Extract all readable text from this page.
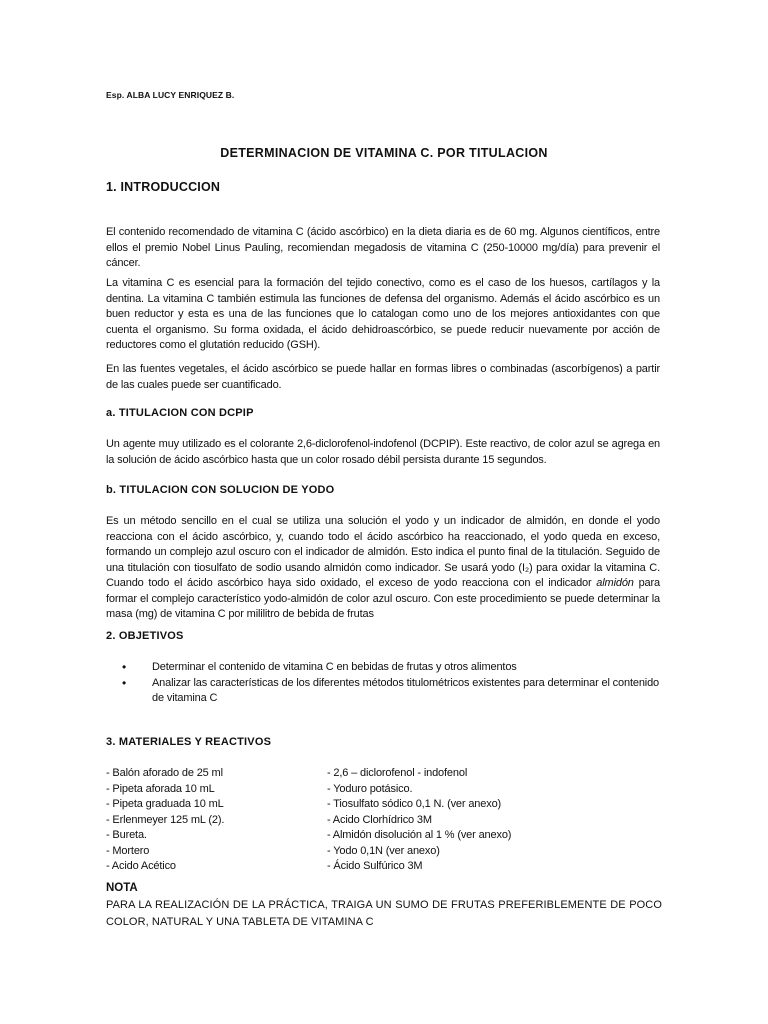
Esp. ALBA LUCY ENRIQUEZ B.
DETERMINACION DE VITAMINA C. POR TITULACION
1. INTRODUCCION

El contenido recomendado de vitamina C (ácido ascórbico) en la dieta diaria es de 60 mg. Algunos científicos, entre ellos el premio Nobel Linus Pauling, recomiendan megadosis de vitamina C (250-10000 mg/día) para prevenir el cáncer.

La vitamina C es esencial para la formación del tejido conectivo, como es el caso de los huesos, cartílagos y la dentina. La vitamina C también estimula las funciones de defensa del organismo. Además el ácido ascórbico es un buen reductor y esta es una de las funciones que lo catalogan como uno de los mejores antioxidantes con que cuenta el organismo. Su forma oxidada, el ácido dehidroascórbico, se puede reducir nuevamente por acción de reductores como el glutatión reducido (GSH).

En las fuentes vegetales, el ácido ascórbico se puede hallar en formas libres o combinadas (ascorbígenos) a partir de las cuales puede ser cuantificado.

a. TITULACION CON DCPIP

Un agente muy utilizado es el colorante 2,6-diclorofenol-indofenol (DCPIP). Este reactivo, de color azul se agrega en la solución de ácido ascórbico hasta que un color rosado débil persista durante 15 segundos.

b. TITULACION CON SOLUCION DE YODO

Es un método sencillo en el cual se utiliza una solución el yodo y un indicador de almidón, en donde el yodo reacciona con el ácido ascórbico, y, cuando todo el ácido ascórbico ha reaccionado, el yodo queda en exceso, formando un complejo azul oscuro con el indicador de almidón. Esto indica el punto final de la titulación. Seguido de una titulación con tiosulfato de sodio usando almidón como indicador. Se usará yodo (I₂) para oxidar la vitamina C. Cuando todo el ácido ascórbico haya sido oxidado, el exceso de yodo reacciona con el indicador almidón para formar el complejo característico yodo-almidón de color azul oscuro. Con este procedimiento se puede determinar la masa (mg) de vitamina C por mililitro de bebida de frutas

2. OBJETIVOS
• Determinar el contenido de vitamina C en bebidas de frutas y otros alimentos
• Analizar las características de los diferentes métodos titulométricos existentes para determinar el contenido de vitamina C
3. MATERIALES Y REACTIVOS
- Balón aforado de 25 ml
- Pipeta aforada 10 mL
- Pipeta graduada 10 mL
- Erlenmeyer 125 mL (2).
- Bureta.
- Mortero
- Acido Acético
- 2,6 – diclorofenol - indofenol
- Yoduro potásico.
- Tiosulfato sódico 0,1 N. (ver anexo)
- Acido Clorhídrico 3M
- Almidón disolución al 1 % (ver anexo)
- Yodo 0,1N (ver anexo)
- Ácido Sulfúrico 3M
NOTA
PARA LA REALIZACIÓN DE LA PRÁCTICA, TRAIGA UN SUMO DE FRUTAS PREFERIBLEMENTE DE POCO COLOR, NATURAL Y UNA TABLETA DE VITAMINA C
